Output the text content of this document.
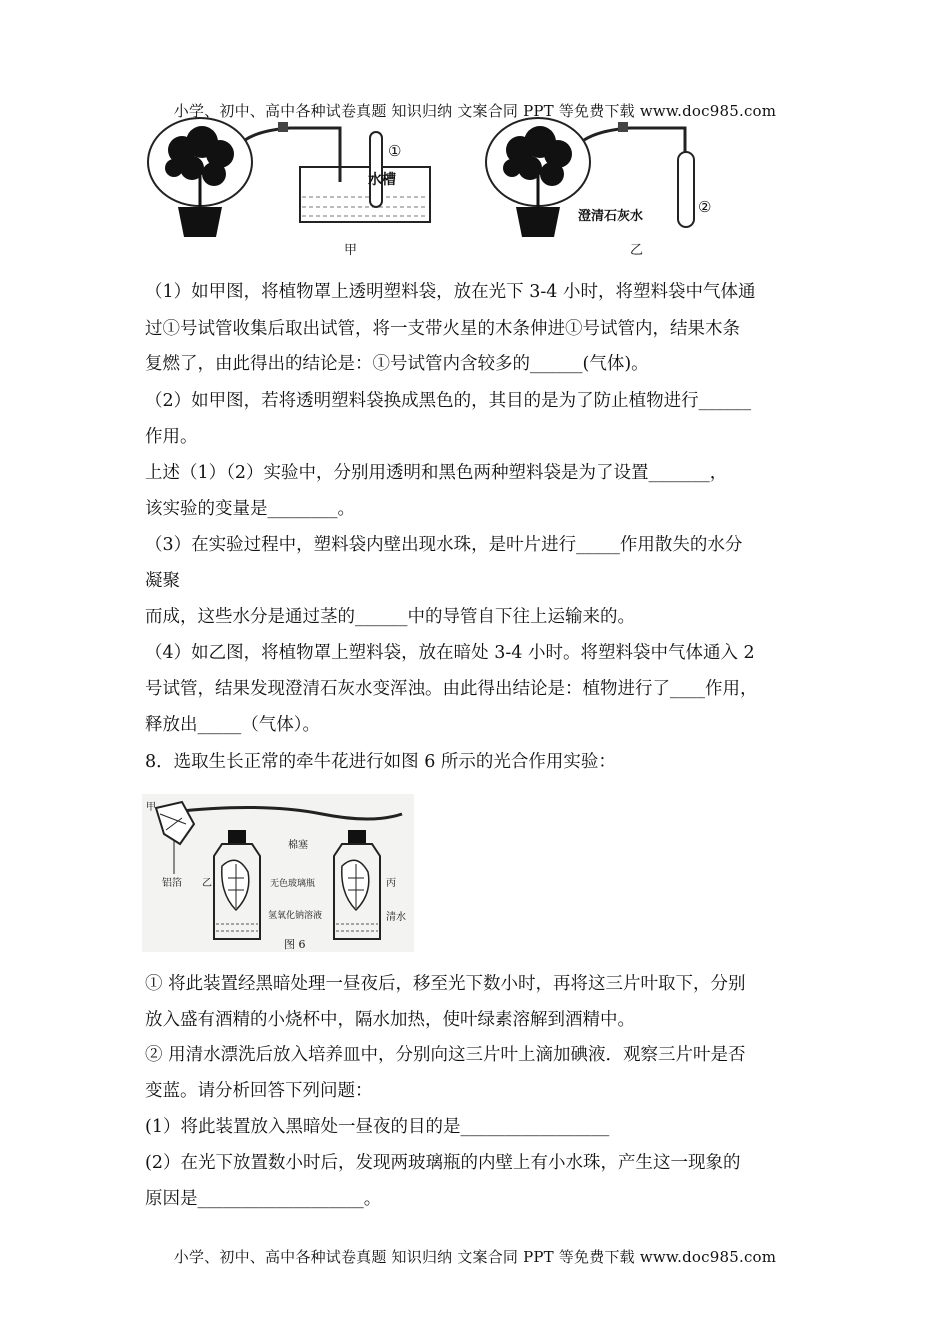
小学、初中、高中各种试卷真题 知识归纳 文案合同 PPT 等免费下载 www.doc985.com
①
水槽
甲
澄清石灰水
②
乙
（1）如甲图，将植物罩上透明塑料袋，放在光下 3-4 小时，将塑料袋中气体通
过①号试管收集后取出试管，将一支带火星的木条伸进①号试管内，结果木条
复燃了，由此得出的结论是：①号试管内含较多的______(气体)。
（2）如甲图，若将透明塑料袋换成黑色的，其目的是为了防止植物进行______
作用。
上述（1）（2）实验中，分别用透明和黑色两种塑料袋是为了设置_______，
该实验的变量是________。
（3）在实验过程中，塑料袋内壁出现水珠，是叶片进行_____作用散失的水分
凝聚
而成，这些水分是通过茎的______中的导管自下往上运输来的。
（4）如乙图，将植物罩上塑料袋，放在暗处 3-4 小时。将塑料袋中气体通入 2
号试管，结果发现澄清石灰水变浑浊。由此得出结论是：植物进行了____作用，
释放出_____（气体）。
8．选取生长正常的牵牛花进行如图 6 所示的光合作用实验：
甲
铝箔
棉塞
乙	无色玻璃瓶	丙
氢氧化钠溶液	清水
图 6
① 将此装置经黑暗处理一昼夜后，移至光下数小时，再将这三片叶取下，分别
放入盛有酒精的小烧杯中，隔水加热，使叶绿素溶解到酒精中。
② 用清水漂洗后放入培养皿中，分别向这三片叶上滴加碘液．观察三片叶是否
变蓝。请分析回答下列问题：
(1）将此装置放入黑暗处一昼夜的目的是_________________
(2）在光下放置数小时后，发现两玻璃瓶的内壁上有小水珠，产生这一现象的
原因是___________________。
小学、初中、高中各种试卷真题 知识归纳 文案合同 PPT 等免费下载 www.doc985.com
